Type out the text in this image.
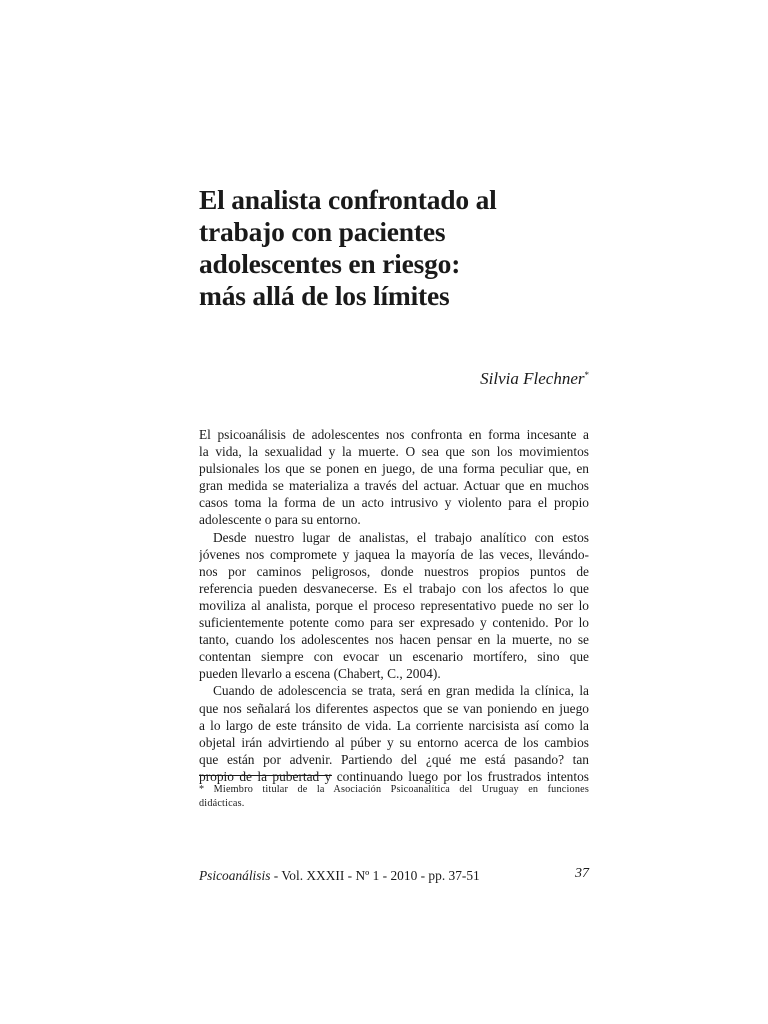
El analista confrontado al
trabajo con pacientes
adolescentes en riesgo:
más allá de los límites
Silvia Flechner*

El psicoanálisis de adolescentes nos confronta en forma incesante a
la vida, la sexualidad y la muerte. O sea que son los movimientos
pulsionales los que se ponen en juego, de una forma peculiar que, en
gran medida se materializa a través del actuar. Actuar que en muchos
casos toma la forma de un acto intrusivo y violento para el propio
adolescente o para su entorno.

Desde nuestro lugar de analistas, el trabajo analítico con estos
jóvenes nos compromete y jaquea la mayoría de las veces, llevándo-
nos por caminos peligrosos, donde nuestros propios puntos de
referencia pueden desvanecerse. Es el trabajo con los afectos lo que
moviliza al analista, porque el proceso representativo puede no ser lo
suficientemente potente como para ser expresado y contenido. Por lo
tanto, cuando los adolescentes nos hacen pensar en la muerte, no se
contentan siempre con evocar un escenario mortífero, sino que
pueden llevarlo a escena (Chabert, C., 2004).

Cuando de adolescencia se trata, será en gran medida la clínica, la
que nos señalará los diferentes aspectos que se van poniendo en juego
a lo largo de este tránsito de vida. La corriente narcisista así como la
objetal irán advirtiendo al púber y su entorno acerca de los cambios
que están por advenir. Partiendo del ¿qué me está pasando? tan
propio de la pubertad y continuando luego por los frustrados intentos

* Miembro titular de la Asociación Psicoanalítica del Uruguay en funciones
didácticas.
Psicoanálisis - Vol. XXXII - Nº 1 - 2010 - pp. 37-51	37
